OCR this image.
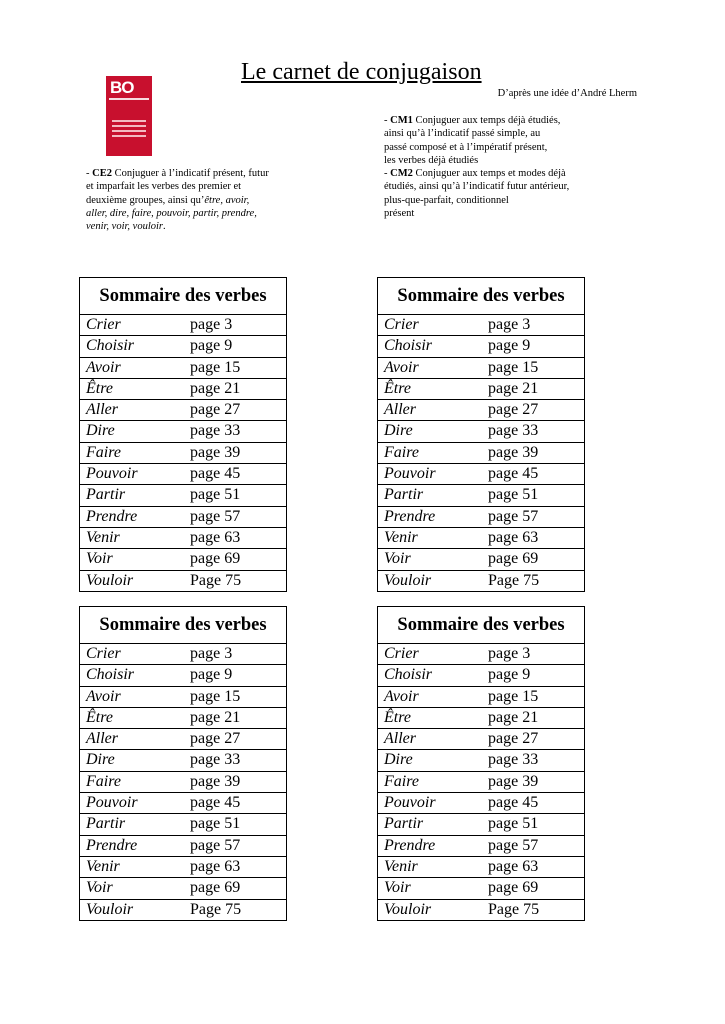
Le carnet de conjugaison
D’après une idée d’André Lherm
BO

- CM1 Conjuguer aux temps déjà étudiés,

ainsi qu’à l’indicatif passé simple, au

passé composé et à l’impératif présent,

les verbes déjà étudiés

- CE2 Conjuguer à l’indicatif présent, futur

et imparfait les verbes des premier et

deuxième groupes, ainsi qu’être, avoir,

aller, dire, faire, pouvoir, partir, prendre,

venir, voir, vouloir.

- CM2 Conjuguer aux temps et modes déjà

étudiés, ainsi qu’à l’indicatif futur antérieur,

plus-que-parfait, conditionnel

présent

Sommaire des verbes
Crier	page 3
Choisir	page 9
Avoir	page 15
Être	page 21
Aller	page 27
Dire	page 33
Faire	page 39
Pouvoir	page 45
Partir	page 51
Prendre	page 57
Venir	page 63
Voir	page 69
Vouloir	Page 75
Sommaire des verbes
Crier	page 3
Choisir	page 9
Avoir	page 15
Être	page 21
Aller	page 27
Dire	page 33
Faire	page 39
Pouvoir	page 45
Partir	page 51
Prendre	page 57
Venir	page 63
Voir	page 69
Vouloir	Page 75
Sommaire des verbes
Crier	page 3
Choisir	page 9
Avoir	page 15
Être	page 21
Aller	page 27
Dire	page 33
Faire	page 39
Pouvoir	page 45
Partir	page 51
Prendre	page 57
Venir	page 63
Voir	page 69
Vouloir	Page 75
Sommaire des verbes
Crier	page 3
Choisir	page 9
Avoir	page 15
Être	page 21
Aller	page 27
Dire	page 33
Faire	page 39
Pouvoir	page 45
Partir	page 51
Prendre	page 57
Venir	page 63
Voir	page 69
Vouloir	Page 75
